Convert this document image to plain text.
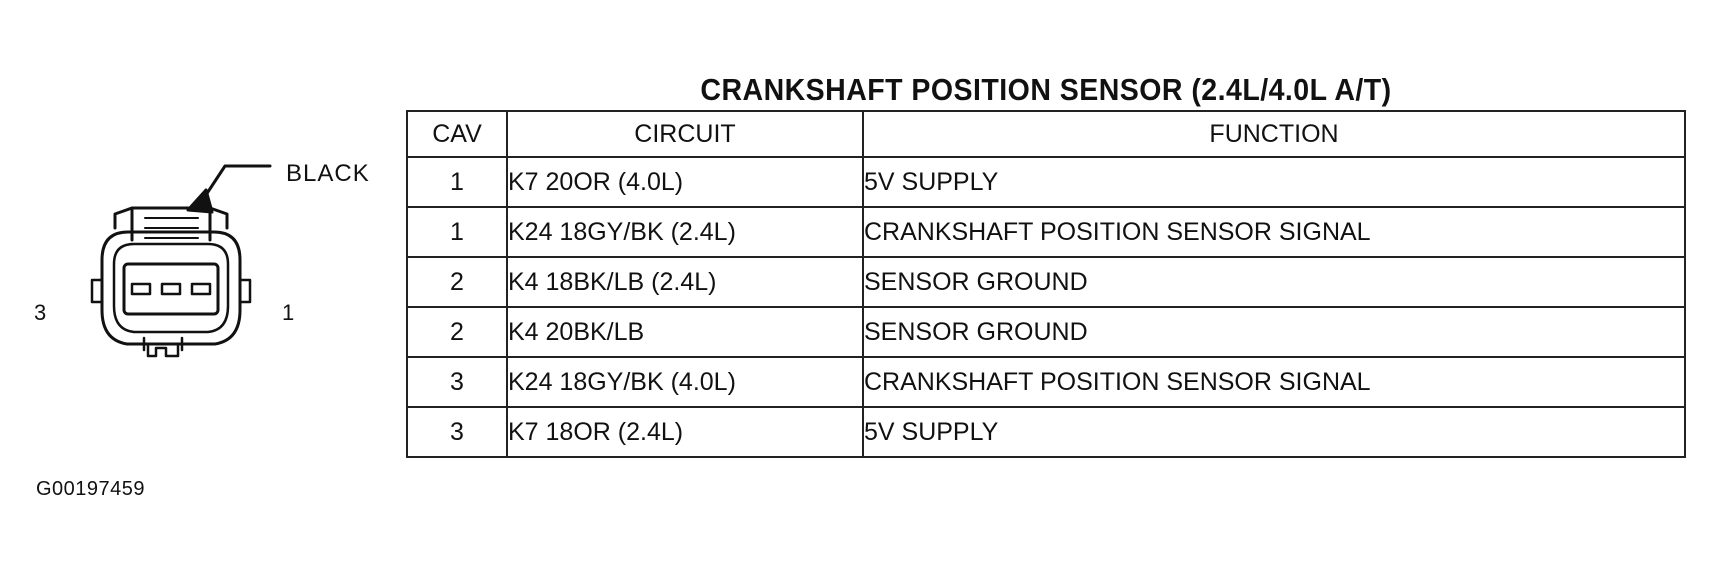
BLACK
3	1
G00197459
CRANKSHAFT POSITION SENSOR (2.4L/4.0L A/T)
CAV	CIRCUIT	FUNCTION
1	K7 20OR (4.0L)	5V SUPPLY
1	K24 18GY/BK (2.4L)	CRANKSHAFT POSITION SENSOR SIGNAL
2	K4 18BK/LB (2.4L)	SENSOR GROUND
2	K4 20BK/LB	SENSOR GROUND
3	K24 18GY/BK (4.0L)	CRANKSHAFT POSITION SENSOR SIGNAL
3	K7 18OR (2.4L)	5V SUPPLY
